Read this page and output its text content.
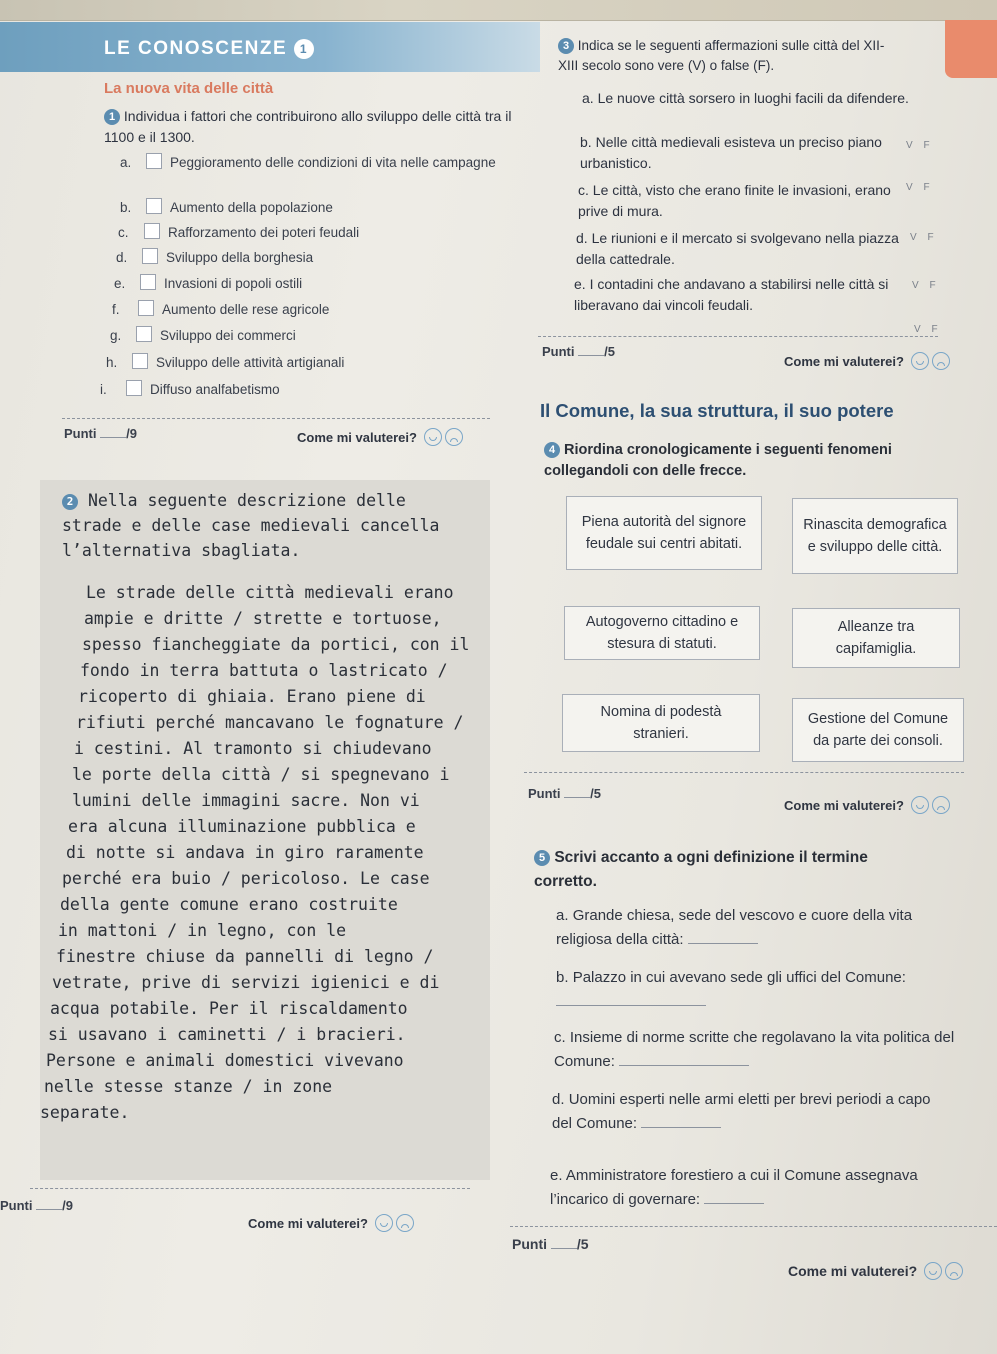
LE CONOSCENZE 1
La nuova vita delle città
1 Individua i fattori che contribuirono allo sviluppo delle città tra il 1100 e il 1300.
a.	Peggioramento delle condizioni di vita nelle campagne
b.	Aumento della popolazione
c.	Rafforzamento dei poteri feudali
d.	Sviluppo della borghesia
e.	Invasioni di popoli ostili
f.	Aumento delle rese agricole
g.	Sviluppo dei commerci
h.	Sviluppo delle attività artigianali
i.	Diffuso analfabetismo
Punti /9	Come mi valuterei?
2 Nella seguente descrizione delle strade e delle case medievali cancella l’alternativa sbagliata.
Le strade delle città medievali erano
ampie e dritte / strette e tortuose,
spesso fiancheggiate da portici, con il
fondo in terra battuta o lastricato /
ricoperto di ghiaia. Erano piene di
rifiuti perché mancavano le fognature /
i cestini. Al tramonto si chiudevano
le porte della città / si spegnevano i
lumini delle immagini sacre. Non vi
era alcuna illuminazione pubblica e
di notte si andava in giro raramente
perché era buio / pericoloso. Le case
della gente comune erano costruite
in mattoni / in legno, con le
finestre chiuse da pannelli di legno /
vetrate, prive di servizi igienici e di
acqua potabile. Per il riscaldamento
si usavano i caminetti / i bracieri.
Persone e animali domestici vivevano
nelle stesse stanze / in zone
separate.
Punti /9
Come mi valuterei?
3 Indica se le seguenti affermazioni sulle città del XII-XIII secolo sono vere (V) o false (F).
a. Le nuove città sorsero in luoghi facili da difendere.
b. Nelle città medievali esisteva un preciso piano urbanistico.
c. Le città, visto che erano finite le invasioni, erano prive di mura.
d. Le riunioni e il mercato si svolgevano nella piazza della cattedrale.
e. I contadini che andavano a stabilirsi nelle città si liberavano dai vincoli feudali.
V F
V F
V F
V F
V F
Punti /5
Come mi valuterei?
Il Comune, la sua struttura, il suo potere
4 Riordina cronologicamente i seguenti fenomeni collegandoli con delle frecce.
Piena autorità del signore feudale sui centri abitati.
Rinascita demografica e sviluppo delle città.
Autogoverno cittadino e stesura di statuti.
Alleanze tra capifamiglia.
Nomina di podestà stranieri.
Gestione del Comune da parte dei consoli.
Punti /5
Come mi valuterei?
5 Scrivi accanto a ogni definizione il termine corretto.
a. Grande chiesa, sede del vescovo e cuore della vita religiosa della città:
b. Palazzo in cui avevano sede gli uffici del Comune:
c. Insieme di norme scritte che regolavano la vita politica del Comune:
d. Uomini esperti nelle armi eletti per brevi periodi a capo del Comune:
e. Amministratore forestiero a cui il Comune assegnava l’incarico di governare:
Punti /5
Come mi valuterei?
